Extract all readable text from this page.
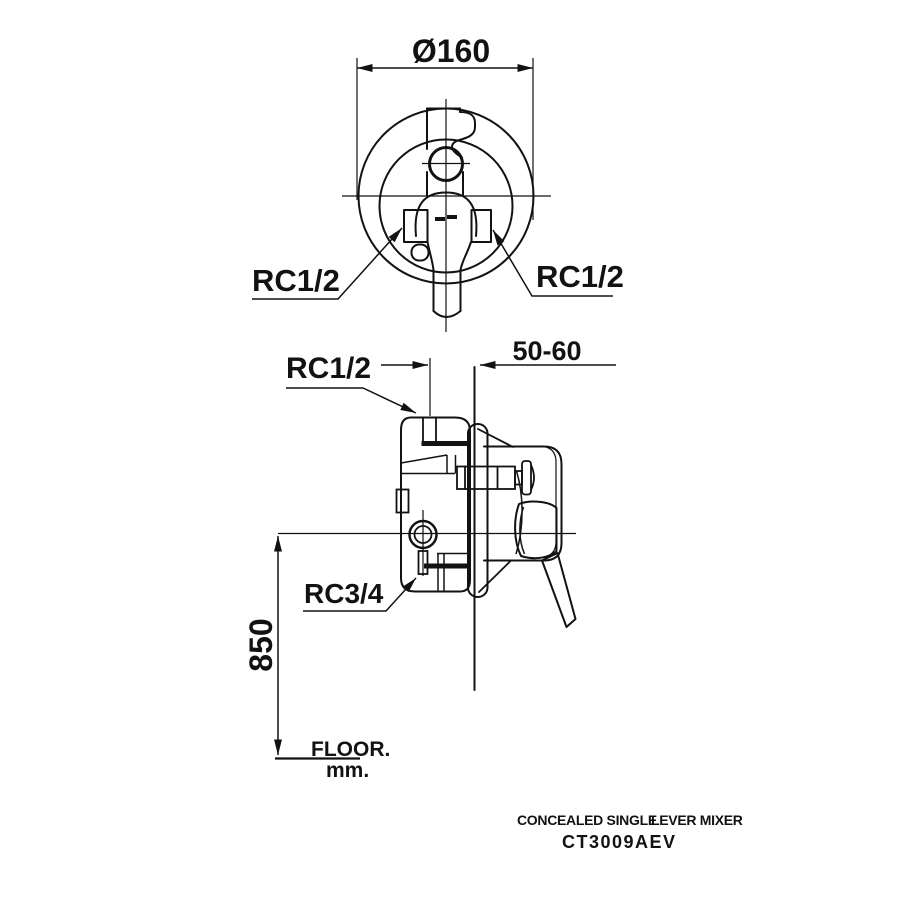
Ø160
RC1/2	RC1/2
50-60
RC1/2
RC3/4
850
FLOOR.
mm.
CONCEALED SINGLE
LEVER MIXER
CT3009AEV
